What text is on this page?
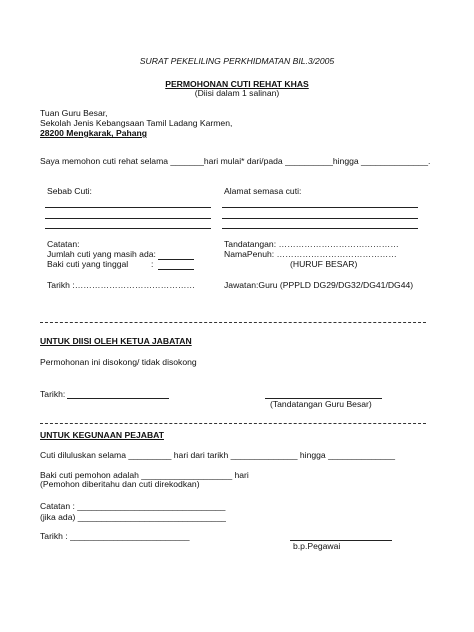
SURAT PEKELILING PERKHIDMATAN BIL.3/2005
PERMOHONAN CUTI REHAT KHAS
(Diisi dalam 1 salinan)
Tuan Guru Besar,
Sekolah Jenis Kebangsaan Tamil Ladang Karmen,
28200 Mengkarak, Pahang
Saya memohon cuti rehat selama _______hari mulai* dari/pada __________hingga ______________.
Sebab Cuti:	Alamat semasa cuti:
Catatan:
Jumlah cuti yang masih ada:
Baki cuti yang tinggal	:
Tarikh :……………………………………
Tandatangan: ……………………………………
NamaPenuh: ……………………………………
(HURUF BESAR)
Jawatan:Guru (PPPLD DG29/DG32/DG41/DG44)
UNTUK DIISI OLEH KETUA JABATAN
Permohonan ini disokong/ tidak disokong
Tarikh:
(Tandatangan Guru Besar)
UNTUK KEGUNAAN PEJABAT
Cuti diluluskan selama _________ hari dari tarikh ______________ hingga ______________
Baki cuti pemohon adalah ___________________ hari
(Pemohon diberitahu dan cuti direkodkan)
Catatan : _______________________________
(jika ada) _______________________________
Tarikh : _________________________
b.p.Pegawai
